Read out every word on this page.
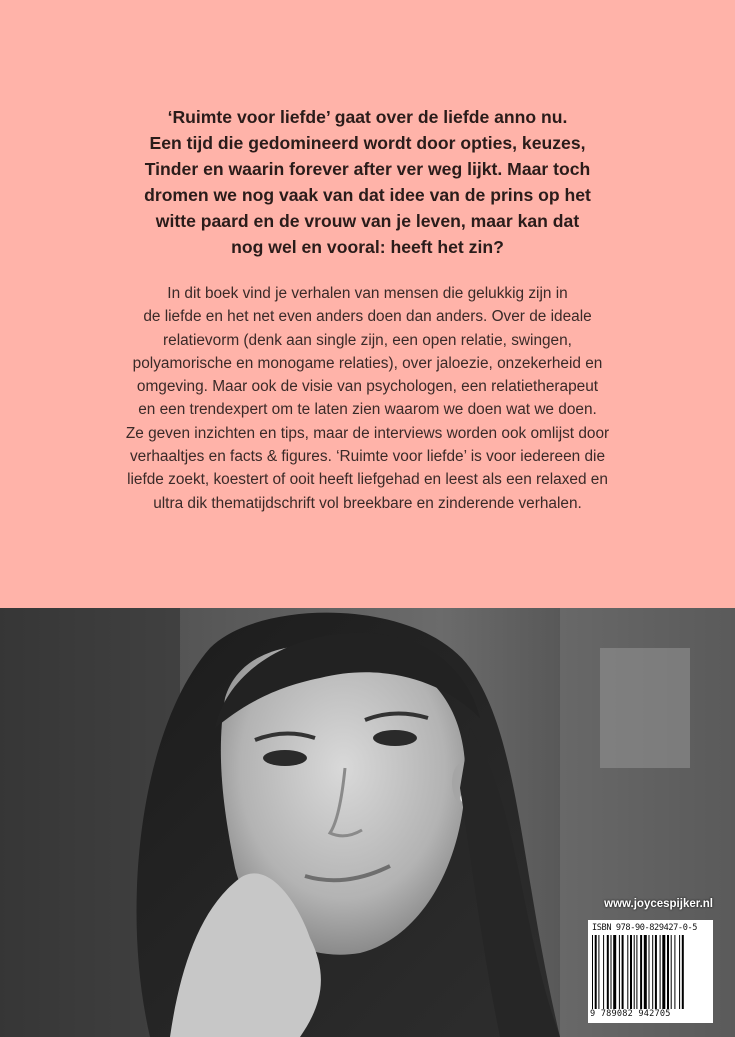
‘Ruimte voor liefde’ gaat over de liefde anno nu.
Een tijd die gedomineerd wordt door opties, keuzes,
Tinder en waarin forever after ver weg lijkt. Maar toch
dromen we nog vaak van dat idee van de prins op het
witte paard en de vrouw van je leven, maar kan dat
nog wel en vooral: heeft het zin?

In dit boek vind je verhalen van mensen die gelukkig zijn in
de liefde en het net even anders doen dan anders. Over de ideale
relatievorm (denk aan single zijn, een open relatie, swingen,
polyamorische en monogame relaties), over jaloezie, onzekerheid en
omgeving. Maar ook de visie van psychologen, een relatietherapeut
en een trendexpert om te laten zien waarom we doen wat we doen.
Ze geven inzichten en tips, maar de interviews worden ook omlijst door
verhaaltjes en facts & figures. ‘Ruimte voor liefde’ is voor iedereen die
liefde zoekt, koestert of ooit heeft liefgehad en leest als een relaxed en
ultra dik thematijdschrift vol breekbare en zinderende verhalen.

www.joycespijker.nl
ISBN 978-90-829427-0-5
9 789082 942705
